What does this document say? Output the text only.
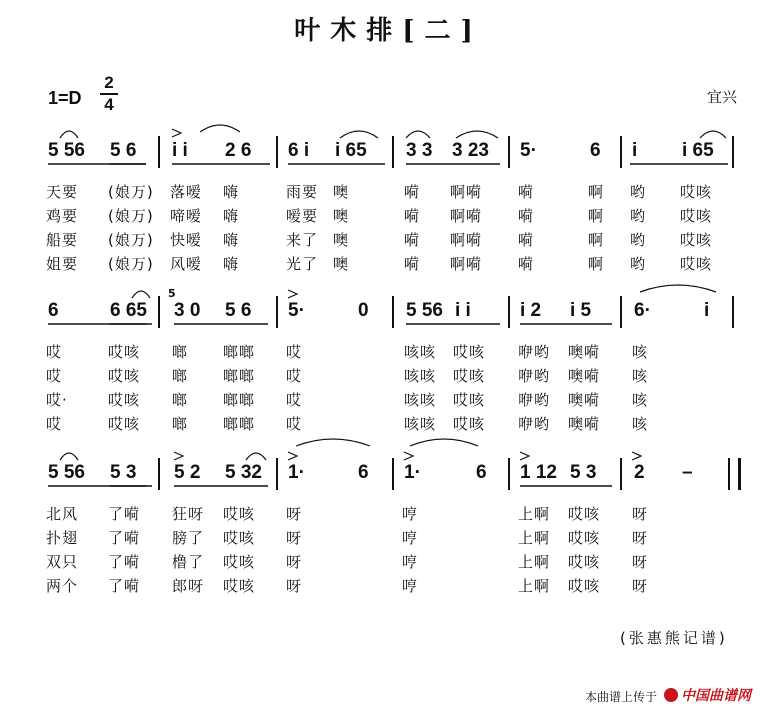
叶木排[二]
1=D
2
4	宜兴
5 56 5 6 i i 2 6 6 i i 65 3 3 3 23 5·	6 i i 65
天要 (娘万) 落嗳 嗨	雨要 噢	嗬 啊嗬 嗬	啊 哟 哎咳
鸡要 (娘万) 啼嗳 嗨	嗳要 噢	嗬 啊嗬 嗬	啊 哟 哎咳
船要 (娘万) 快嗳 嗨	来了 噢	嗬 啊嗬 嗬	啊 哟 哎咳
姐要 (娘万) 风嗳 嗨	光了 噢	嗬 啊嗬 嗬	啊 哟 哎咳
6	6 65 3 0 5 6 5·	0 5 56 i i	i 2 i 5 6·	i
哎	哎咳 啷 啷啷 哎	咳咳 哎咳 咿哟 噢嗬 咳
哎	哎咳 啷 啷啷 哎	咳咳 哎咳 咿哟 噢嗬 咳
哎·	哎咳 啷 啷啷 哎	咳咳 哎咳 咿哟 噢嗬 咳
哎	哎咳 啷 啷啷 哎	咳咳 哎咳 咿哟 噢嗬 咳
5 56 5 3 5 2 5 32 1·	6 1·	6 1 12 5 3 2 –
北风 了嗬 狂呀 哎咳 呀	哼	上啊 哎咳 呀
扑翅 了嗬 膀了 哎咳 呀	哼	上啊 哎咳 呀
双只 了嗬 橹了 哎咳 呀	哼	上啊 哎咳 呀
两个 了嗬 郎呀 哎咳 呀	哼	上啊 哎咳 呀
5
(张惠熊记谱)
本曲谱上传于	中国曲谱网
